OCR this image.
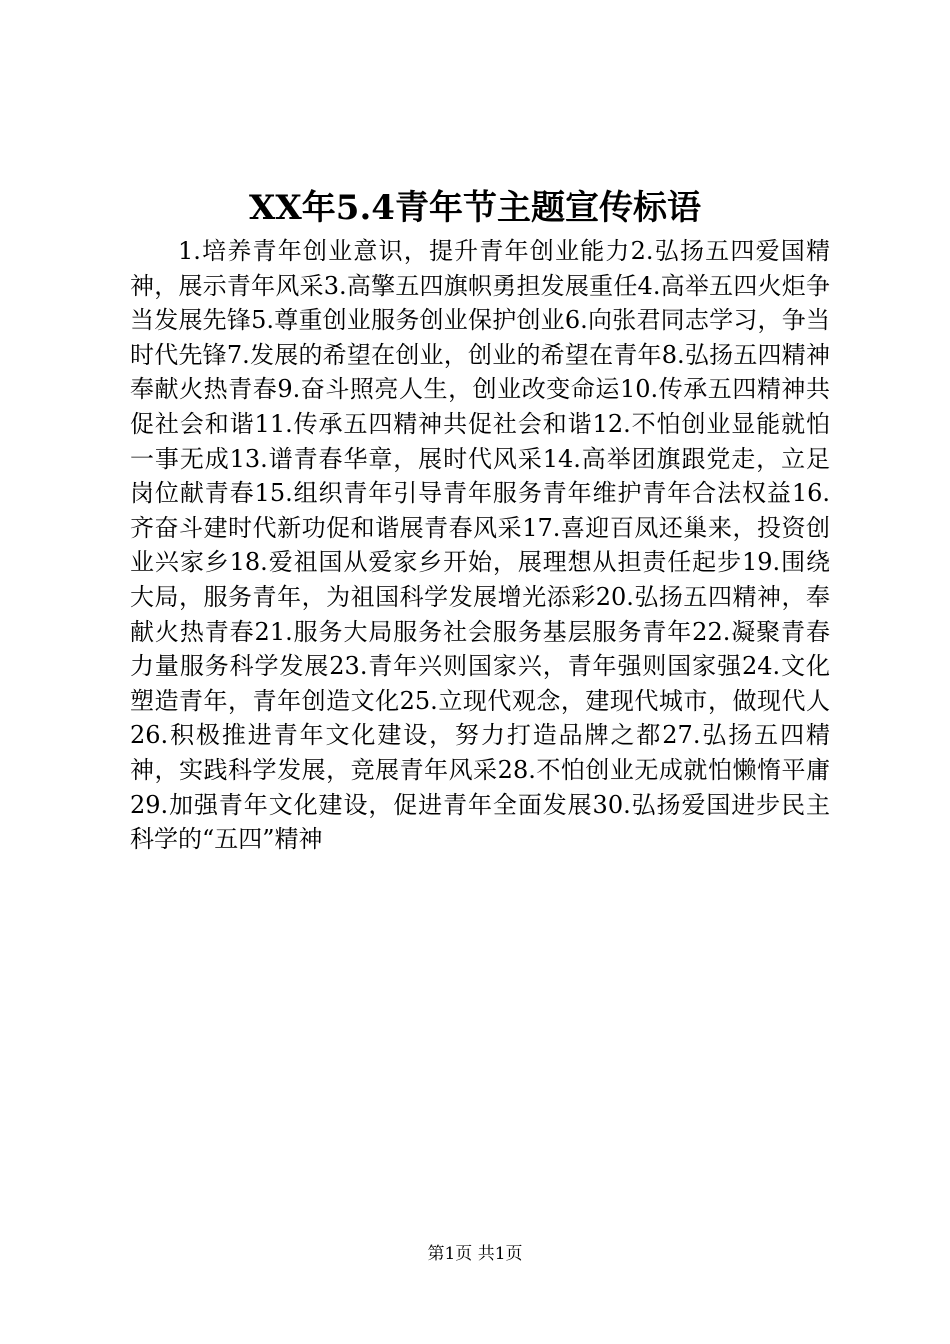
XX年5.4青年节主题宣传标语

1.培养青年创业意识，提升青年创业能力2.弘扬五四爱国精神，展示青年风采3.高擎五四旗帜勇担发展重任4.高举五四火炬争当发展先锋5.尊重创业服务创业保护创业6.向张君同志学习，争当时代先锋7.发展的希望在创业，创业的希望在青年8.弘扬五四精神奉献火热青春9.奋斗照亮人生，创业改变命运10.传承五四精神共促社会和谐11.传承五四精神共促社会和谐12.不怕创业显能就怕一事无成13.谱青春华章，展时代风采14.高举团旗跟党走，立足岗位献青春15.组织青年引导青年服务青年维护青年合法权益16.齐奋斗建时代新功促和谐展青春风采17.喜迎百凤还巢来，投资创业兴家乡18.爱祖国从爱家乡开始，展理想从担责任起步19.围绕大局，服务青年，为祖国科学发展增光添彩20.弘扬五四精神，奉献火热青春21.服务大局服务社会服务基层服务青年22.凝聚青春力量服务科学发展23.青年兴则国家兴，青年强则国家强24.文化塑造青年，青年创造文化25.立现代观念，建现代城市，做现代人26.积极推进青年文化建设，努力打造品牌之都27.弘扬五四精神，实践科学发展，竞展青年风采28.不怕创业无成就怕懒惰平庸29.加强青年文化建设，促进青年全面发展30.弘扬爱国进步民主科学的“五四”精神

第1页 共1页
